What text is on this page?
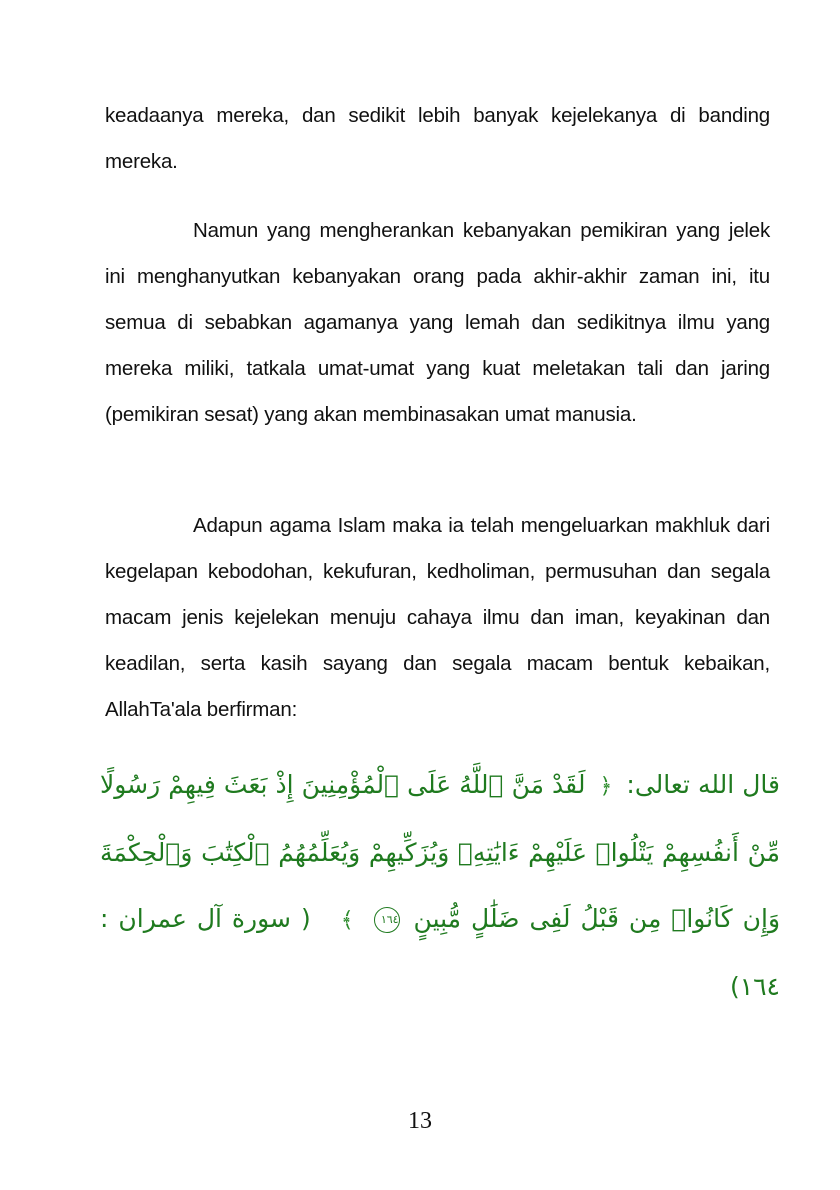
keadaanya mereka, dan sedikit lebih banyak kejelekanya di banding mereka.

Namun yang mengherankan kebanyakan pemikiran yang jelek ini menghanyutkan kebanyakan orang pada akhir-akhir zaman ini, itu semua di sebabkan agamanya yang lemah dan sedikitnya ilmu yang mereka miliki, tatkala umat-umat yang kuat meletakan tali dan jaring (pemikiran sesat) yang akan membinasakan umat manusia.

Adapun agama Islam maka ia telah mengeluarkan makhluk dari kegelapan kebodohan, kekufuran, kedholiman, permusuhan dan segala macam jenis kejelekan menuju cahaya ilmu dan iman, keyakinan dan keadilan, serta kasih sayang dan segala macam bentuk kebaikan, AllahTa'ala berfirman:

قال الله تعالى: ﴿ لَقَدْ مَنَّ ٱللَّهُ عَلَى ٱلْمُؤْمِنِينَ إِذْ بَعَثَ فِيهِمْ رَسُولًا مِّنْ أَنفُسِهِمْ يَتْلُوا۟ عَلَيْهِمْ ءَايَٰتِهِۦ وَيُزَكِّيهِمْ وَيُعَلِّمُهُمُ ٱلْكِتَٰبَ وَٱلْحِكْمَةَ وَإِن كَانُوا۟ مِن قَبْلُ لَفِى ضَلَٰلٍ مُّبِينٍ ١٦٤ ﴾ ( سورة آل عمران : ١٦٤)
13
